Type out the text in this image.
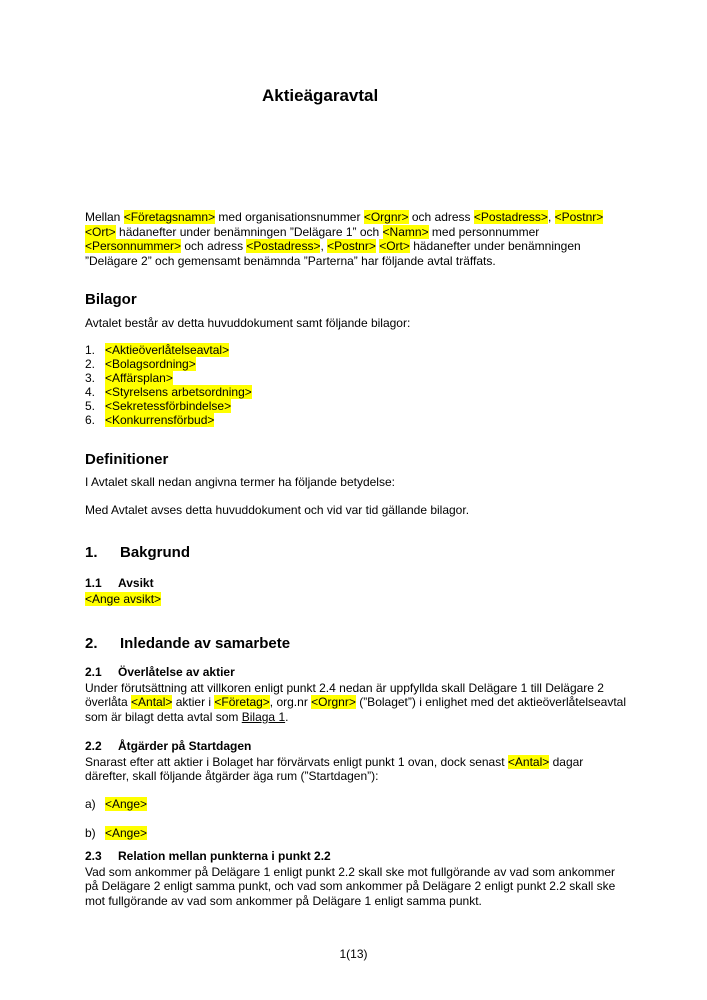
Aktieägaravtal

Mellan <Företagsnamn> med organisationsnummer <Orgnr> och adress <Postadress>, <Postnr>
<Ort> hädanefter under benämningen ”Delägare 1” och <Namn> med personnummer
<Personnummer> och adress <Postadress>, <Postnr> <Ort> hädanefter under benämningen
”Delägare 2” och gemensamt benämnda ”Parterna” har följande avtal träffats.

Bilagor

Avtalet består av detta huvuddokument samt följande bilagor:

1. <Aktieöverlåtelseavtal>
2. <Bolagsordning>
3. <Affärsplan>
4. <Styrelsens arbetsordning>
5. <Sekretessförbindelse>
6. <Konkurrensförbud>
Definitioner

I Avtalet skall nedan angivna termer ha följande betydelse:

Med Avtalet avses detta huvuddokument och vid var tid gällande bilagor.

1.	Bakgrund
1.1	Avsikt

<Ange avsikt>

2.	Inledande av samarbete
2.1	Överlåtelse av aktier

Under förutsättning att villkoren enligt punkt 2.4 nedan är uppfyllda skall Delägare 1 till Delägare 2
överlåta <Antal> aktier i <Företag>, org.nr <Orgnr> (”Bolaget”) i enlighet med det aktieöverlåtelseavtal
som är bilagt detta avtal som Bilaga 1.

2.2	Åtgärder på Startdagen

Snarast efter att aktier i Bolaget har förvärvats enligt punkt 1 ovan, dock senast <Antal> dagar
därefter, skall följande åtgärder äga rum (”Startdagen”):

a) <Ange>
b) <Ange>
2.3	Relation mellan punkterna i punkt 2.2

Vad som ankommer på Delägare 1 enligt punkt 2.2 skall ske mot fullgörande av vad som ankommer
på Delägare 2 enligt samma punkt, och vad som ankommer på Delägare 2 enligt punkt 2.2 skall ske
mot fullgörande av vad som ankommer på Delägare 1 enligt samma punkt.

1(13)
